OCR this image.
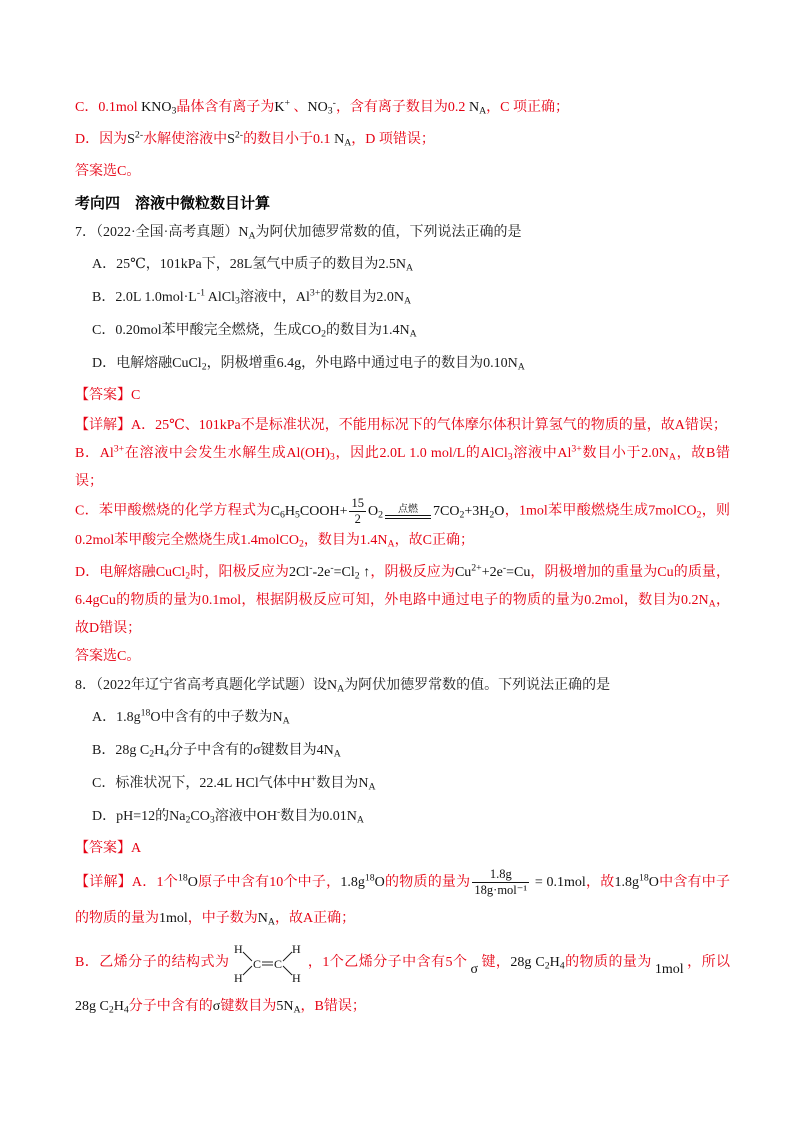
C．0.1mol $KNO_3$晶体含有离子为K+ 、$NO_3^-$，含有离子数目为0.2 $N_A$，C 项正确；
D．因为$S^{2-}$水解使溶液中$S^{2-}$的数目小于0.1 $N_A$，D 项错误；
答案选C。
考向四　溶液中微粒数目计算
7．（2022·全国·高考真题）$N_A$为阿伏加德罗常数的值，下列说法正确的是
A．25℃，101kPa下，28L氢气中质子的数目为$2.5N_A$
B．2.0L $1.0mol\cdot L^{-1}$ AlCl$_3$溶液中，$Al^{3+}$的数目为$2.0N_A$
C．0.20mol苯甲酸完全燃烧，生成$CO_2$的数目为$1.4N_A$
D．电解熔融CuCl$_2$，阴极增重6.4g，外电路中通过电子的数目为$0.10N_A$
【答案】C
【详解】A．25℃、101kPa不是标准状况，不能用标况下的气体摩尔体积计算氢气的物质的量，故A错误；
B．$Al^{3+}$在溶液中会发生水解生成$Al(OH)_3$，因此2.0L 1.0 mol/L的AlCl$_3$溶液中$Al^{3+}$数目小于$2.0N_A$，故B错误；
C．苯甲酸燃烧的化学方程式为$C_6H_5COOH+ \frac{15}{2} O_2$	点燃	$7CO_2+3H_2O$，1mol苯甲酸燃烧生成7molCO$_2$，则0.2mol苯甲酸完全燃烧生成1.4molCO$_2$，数目为$1.4N_A$，故C正确；
D．电解熔融CuCl$_2$时，阳极反应为$2Cl^--2e^-=Cl_2$ ↑，阴极反应为$Cu^{2+}+2e^-=Cu$，阴极增加的重量为Cu的质量，6.4gCu的物质的量为0.1mol，根据阴极反应可知，外电路中通过电子的物质的量为0.2mol，数目为$0.2N_A$，故D错误；
答案选C。
8．（2022年辽宁省高考真题化学试题）设$N_A$为阿伏加德罗常数的值。下列说法正确的是
A．$1.8g^{18}O$中含有的中子数为$N_A$
B．28g $C_2H_4$分子中含有的σ键数目为$4N_A$
C．标准状况下，22.4L HCl气体中H+数目为$N_A$
D．pH=12的$Na_2CO_3$溶液中OH-数目为$0.01N_A$
【答案】A
【详解】A．1个$^{18}$O原子中含有10个中子，$1.8g^{18}O$的物质的量为 $\frac{1.8g}{\text{18g·mol⁻¹}} = 0.1mol$，故$1.8g^{18}O$中含有中子的物质的量为1mol，中子数为$N_A$，故A正确；
B．乙烯分子的结构式为
H
H
C C
H
H
，1个乙烯分子中含有5个 σ 键，28g $C_2H_4$的物质的量为 1mol ，所以28g $C_2H_4$分子中含有的σ键数目为$5N_A$，B错误；
